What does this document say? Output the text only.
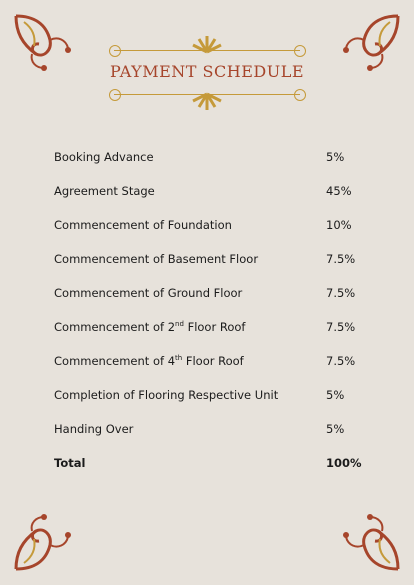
PAYMENT SCHEDULE
Booking Advance	5%
Agreement Stage	45%
Commencement of Foundation	10%
Commencement of Basement Floor	7.5%
Commencement of Ground Floor	7.5%
Commencement of 2nd Floor Roof	7.5%
Commencement of 4th Floor Roof	7.5%
Completion of Flooring Respective Unit	5%
Handing Over	5%
Total	100%
